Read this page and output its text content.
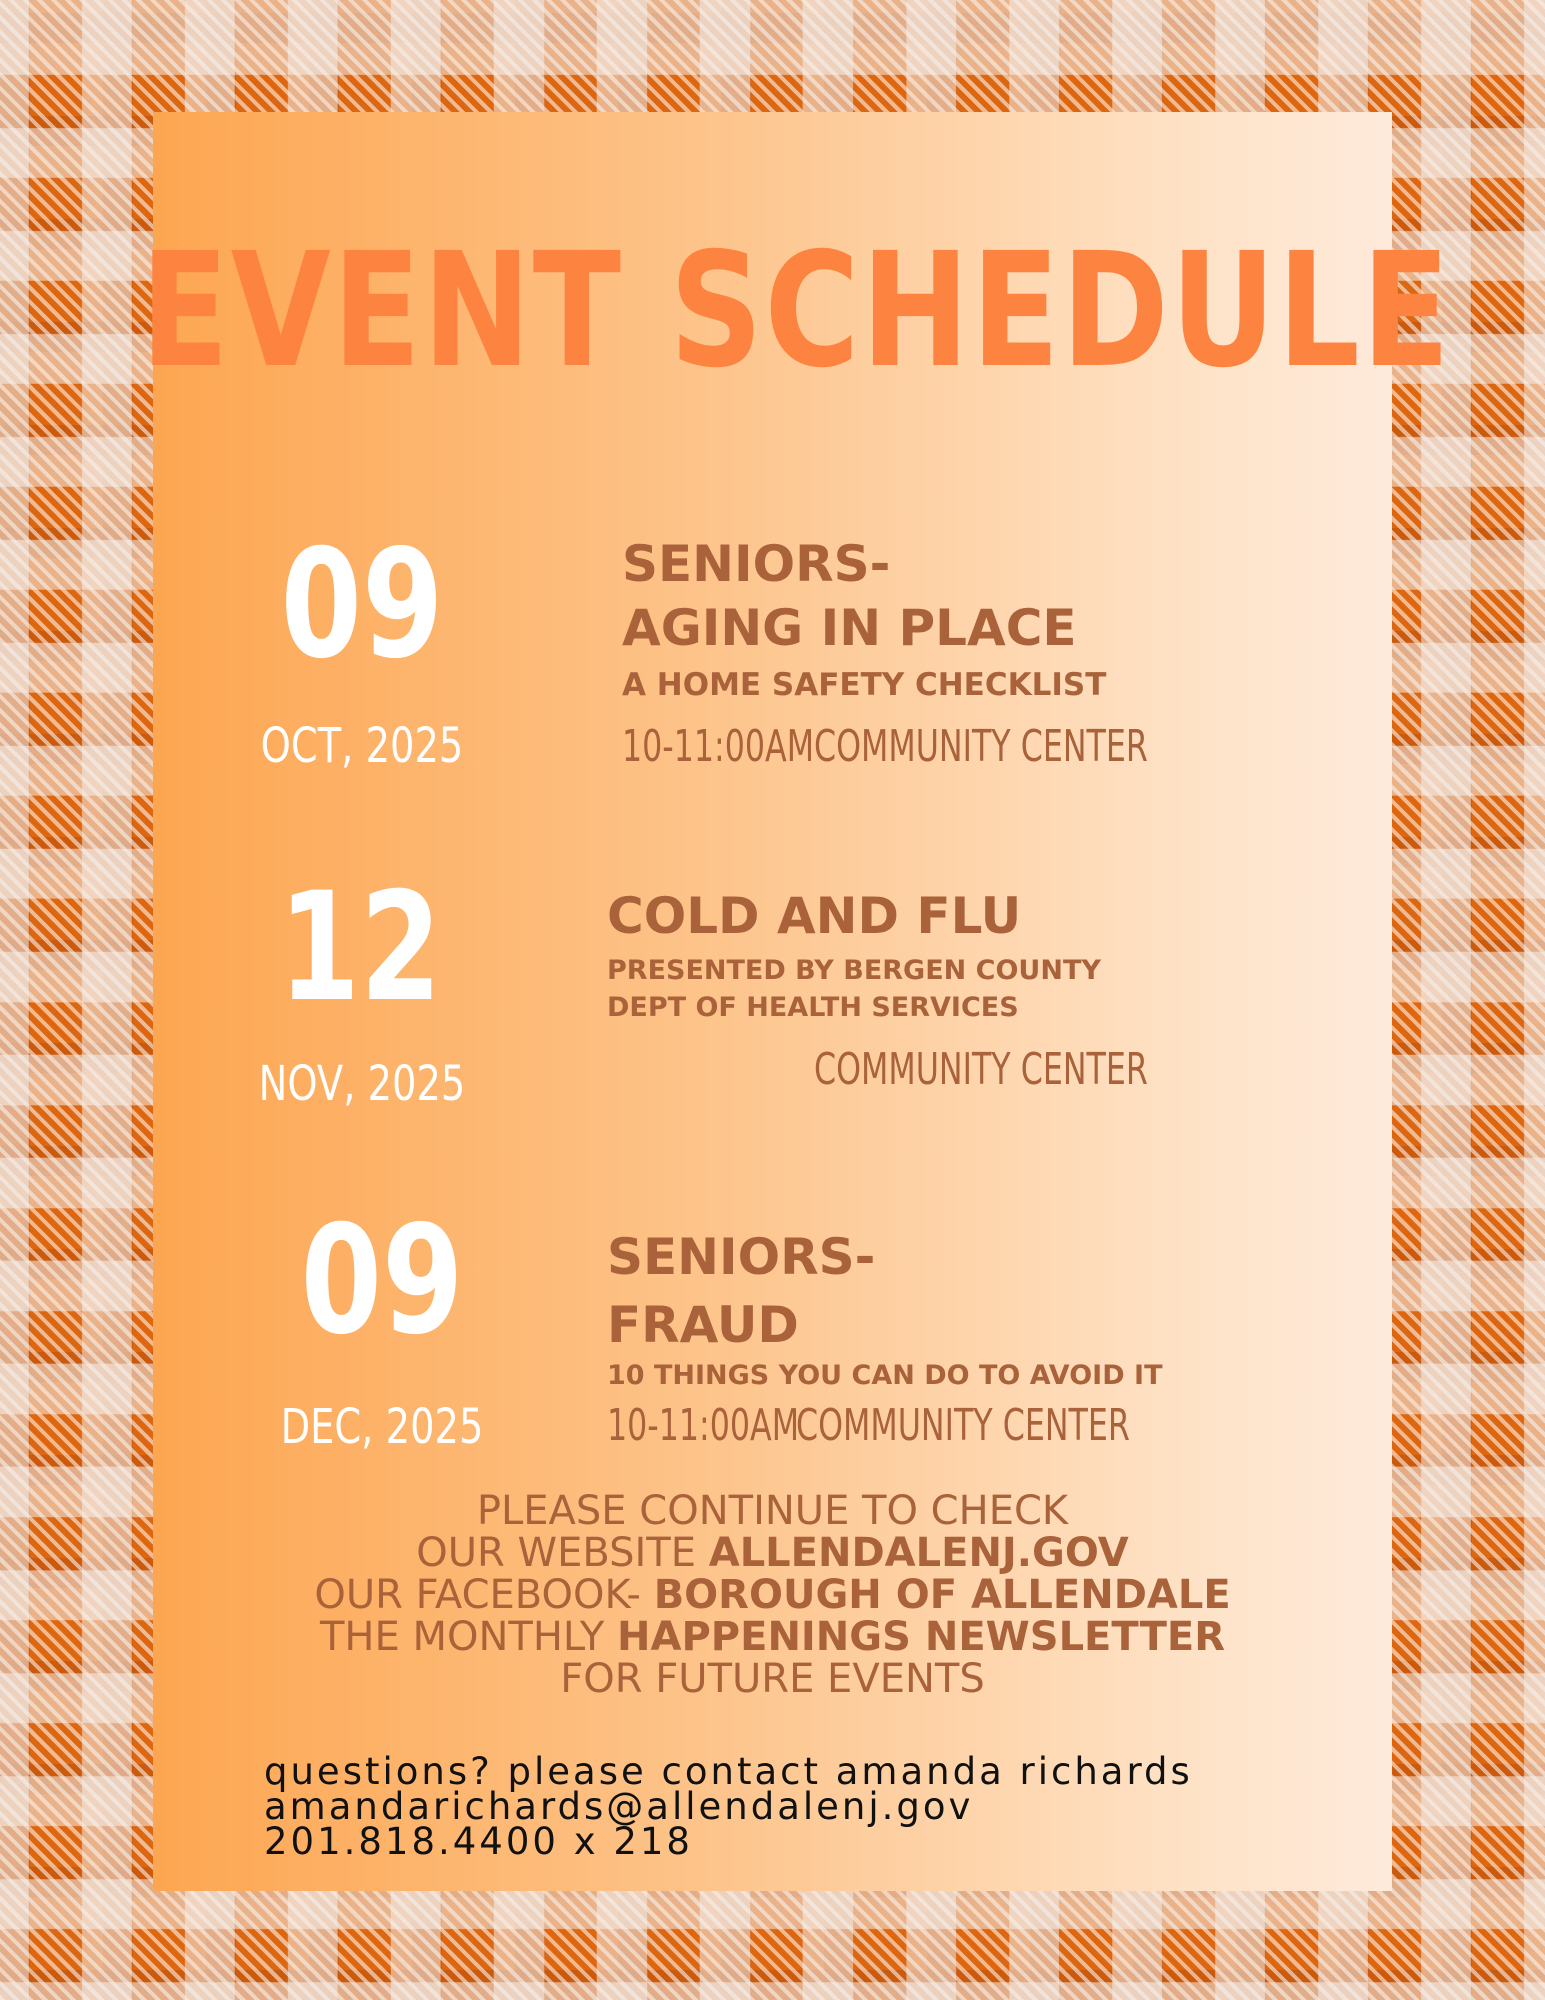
EVENT SCHEDULE
09
OCT, 2025
SENIORS-
AGING IN PLACE
A HOME SAFETY CHECKLIST
10-11:00AM COMMUNITY CENTER
12
NOV, 2025
COLD AND FLU
PRESENTED BY BERGEN COUNTY
DEPT OF HEALTH SERVICES
COMMUNITY CENTER
09
DEC, 2025
SENIORS-
FRAUD
10 THINGS YOU CAN DO TO AVOID IT
10-11:00AM
COMMUNITY CENTER
PLEASE CONTINUE TO CHECK
OUR WEBSITE ALLENDALENJ.GOV
OUR FACEBOOK- BOROUGH OF ALLENDALE
THE MONTHLY HAPPENINGS NEWSLETTER
FOR FUTURE EVENTS
questions? please contact amanda richards
amandarichards@allendalenj.gov
201.818.4400 x 218
